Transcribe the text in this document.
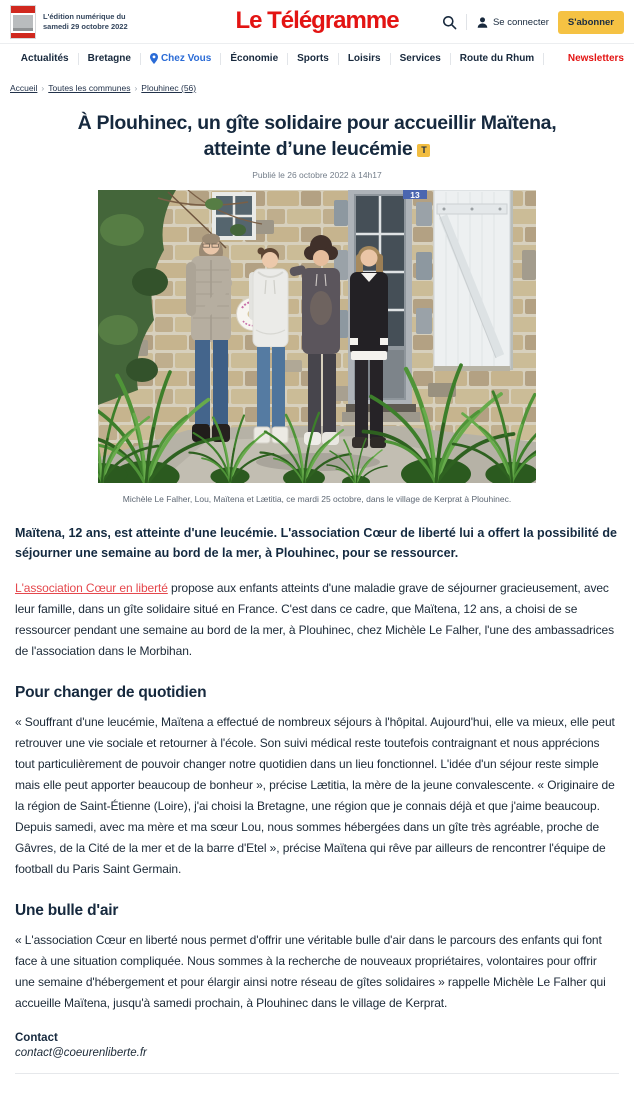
L'édition numérique du
samedi 29 octobre 2022	Le Télégramme	Se connecter	S'abonner
Actualités Bretagne	Chez Vous Économie Sports Loisirs Services Route du Rhum	Newsletters
Accueil › Toutes les communes › Plouhinec (56)
À Plouhinec, un gîte solidaire pour accueillir Maïtena, atteinte d’une leucémie T

Publié le 26 octobre 2022 à 14h17

13
Michèle Le Falher, Lou, Maïtena et Lætitia, ce mardi 25 octobre, dans le village de Kerprat à Plouhinec.

Maïtena, 12 ans, est atteinte d'une leucémie. L'association Cœur de liberté lui a offert la possibilité de séjourner une semaine au bord de la mer, à Plouhinec, pour se ressourcer.

L'association Cœur en liberté propose aux enfants atteints d'une maladie grave de séjourner gracieusement, avec leur famille, dans un gîte solidaire situé en France. C'est dans ce cadre, que Maïtena, 12 ans, a choisi de se ressourcer pendant une semaine au bord de la mer, à Plouhinec, chez Michèle Le Falher, l'une des ambassadrices de l'association dans le Morbihan.

Pour changer de quotidien

« Souffrant d'une leucémie, Maïtena a effectué de nombreux séjours à l'hôpital. Aujourd'hui, elle va mieux, elle peut retrouver une vie sociale et retourner à l'école. Son suivi médical reste toutefois contraignant et nous apprécions tout particulièrement de pouvoir changer notre quotidien dans un lieu fonctionnel. L'idée d'un séjour reste simple mais elle peut apporter beaucoup de bonheur », précise Lætitia, la mère de la jeune convalescente. « Originaire de la région de Saint-Étienne (Loire), j'ai choisi la Bretagne, une région que je connais déjà et que j'aime beaucoup. Depuis samedi, avec ma mère et ma sœur Lou, nous sommes hébergées dans un gîte très agréable, proche de Gâvres, de la Cité de la mer et de la barre d'Etel », précise Maïtena qui rêve par ailleurs de rencontrer l'équipe de football du Paris Saint Germain.

Une bulle d'air

« L'association Cœur en liberté nous permet d'offrir une véritable bulle d'air dans le parcours des enfants qui font face à une situation compliquée. Nous sommes à la recherche de nouveaux propriétaires, volontaires pour offrir une semaine d'hébergement et pour élargir ainsi notre réseau de gîtes solidaires » rappelle Michèle Le Falher qui accueille Maïtena, jusqu'à samedi prochain, à Plouhinec dans le village de Kerprat.

Contact

contact@coeurenliberte.fr
